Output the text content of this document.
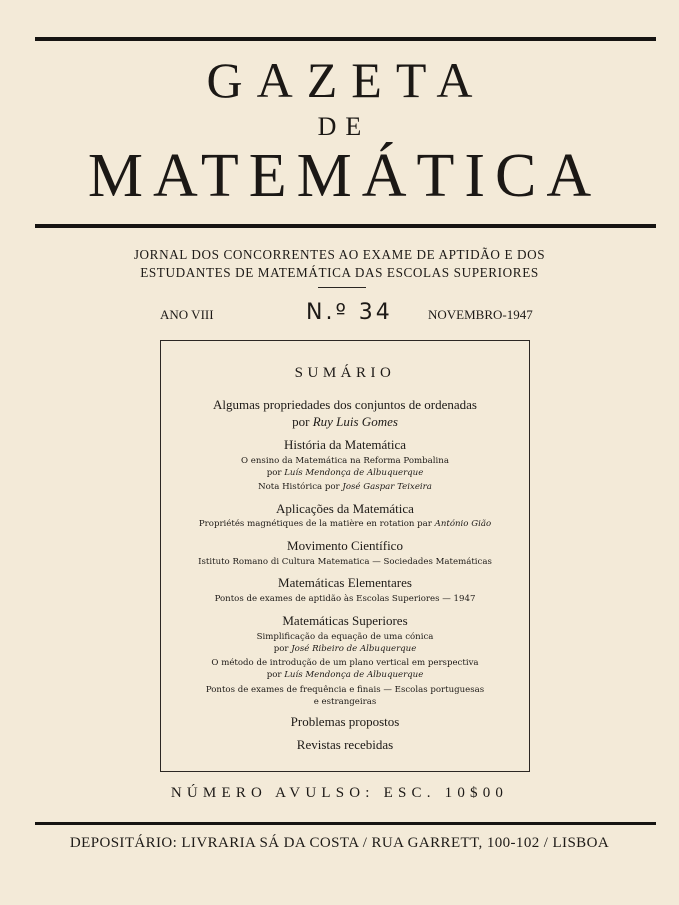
GAZETA
DE
MATEMÁTICA
JORNAL DOS CONCORRENTES AO EXAME DE APTIDÃO E DOS
ESTUDANTES DE MATEMÁTICA DAS ESCOLAS SUPERIORES
ANO VIII	N.º 34	NOVEMBRO-1947
SUMÁRIO
Algumas propriedades dos conjuntos de ordenadas
por Ruy Luis Gomes
História da Matemática
O ensino da Matemática na Reforma Pombalina
por Luís Mendonça de Albuquerque
Nota Histórica por José Gaspar Teixeira
Aplicações da Matemática
Propriétés magnétiques de la matière en rotation par António Gião
Movimento Científico
Istituto Romano di Cultura Matematica — Sociedades Matemáticas
Matemáticas Elementares
Pontos de exames de aptidão às Escolas Superiores — 1947
Matemáticas Superiores
Simplificação da equação de uma cónica
por José Ribeiro de Albuquerque
O método de introdução de um plano vertical em perspectiva
por Luís Mendonça de Albuquerque
Pontos de exames de frequência e finais — Escolas portuguesas
e estrangeiras
Problemas propostos
Revistas recebidas
NÚMERO AVULSO: ESC. 10$00
DEPOSITÁRIO: LIVRARIA SÁ DA COSTA / RUA GARRETT, 100-102 / LISBOA
